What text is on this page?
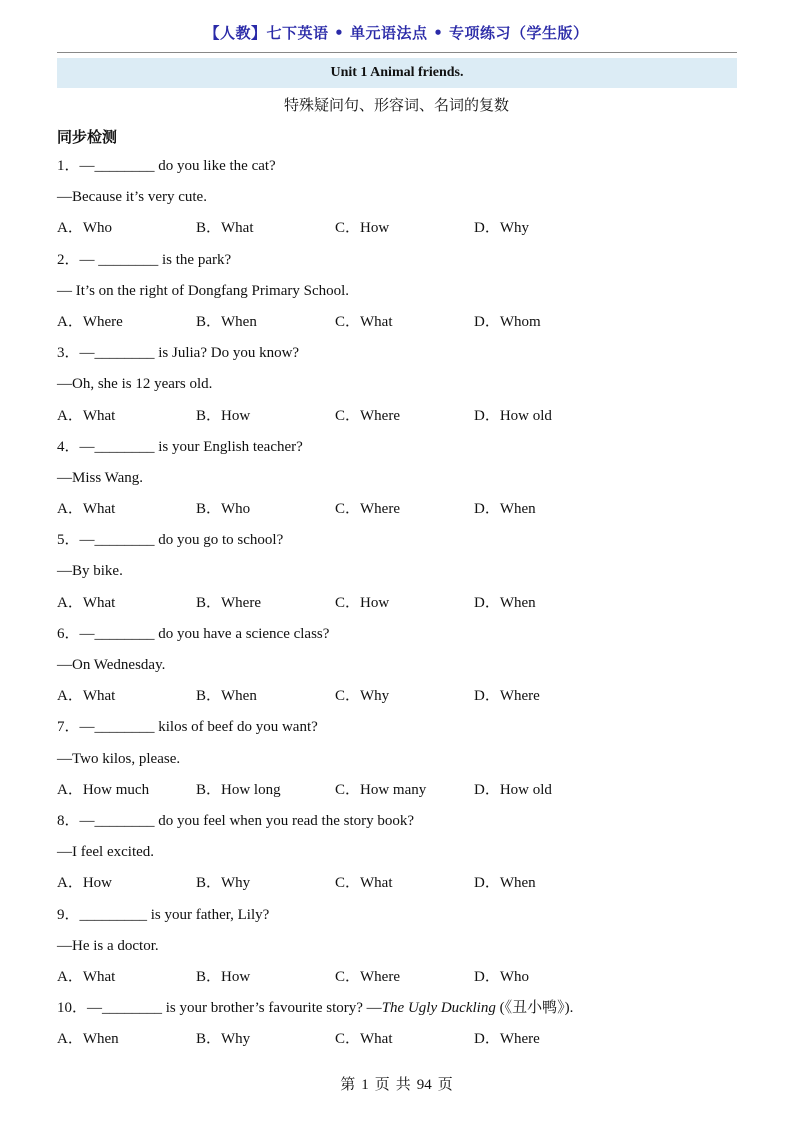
【人教】七下英语 • 单元语法点 • 专项练习（学生版）
Unit 1 Animal friends.
特殊疑问句、形容词、名词的复数
同步检测
1．—________ do you like the cat?
—Because it’s very cute.
A．Who	B．What	C．How	D．Why
2．— ________ is the park?
— It’s on the right of Dongfang Primary School.
A．Where	B．When	C．What	D．Whom
3．—________ is Julia? Do you know?
—Oh, she is 12 years old.
A．What	B．How	C．Where	D．How old
4．—________ is your English teacher?
—Miss Wang.
A．What	B．Who	C．Where	D．When
5．—________ do you go to school?
—By bike.
A．What	B．Where	C．How	D．When
6．—________ do you have a science class?
—On Wednesday.
A．What	B．When	C．Why	D．Where
7．—________ kilos of beef do you want?
—Two kilos, please.
A．How much	B．How long	C．How many	D．How old
8．—________ do you feel when you read the story book?
—I feel excited.
A．How	B．Why	C．What	D．When
9．_________ is your father, Lily?
—He is a doctor.
A．What	B．How	C．Where	D．Who
10．—________ is your brother’s favourite story? —The Ugly Duckling (《丑小鸭》).
A．When	B．Why	C．What	D．Where
第 1 页 共 94 页
